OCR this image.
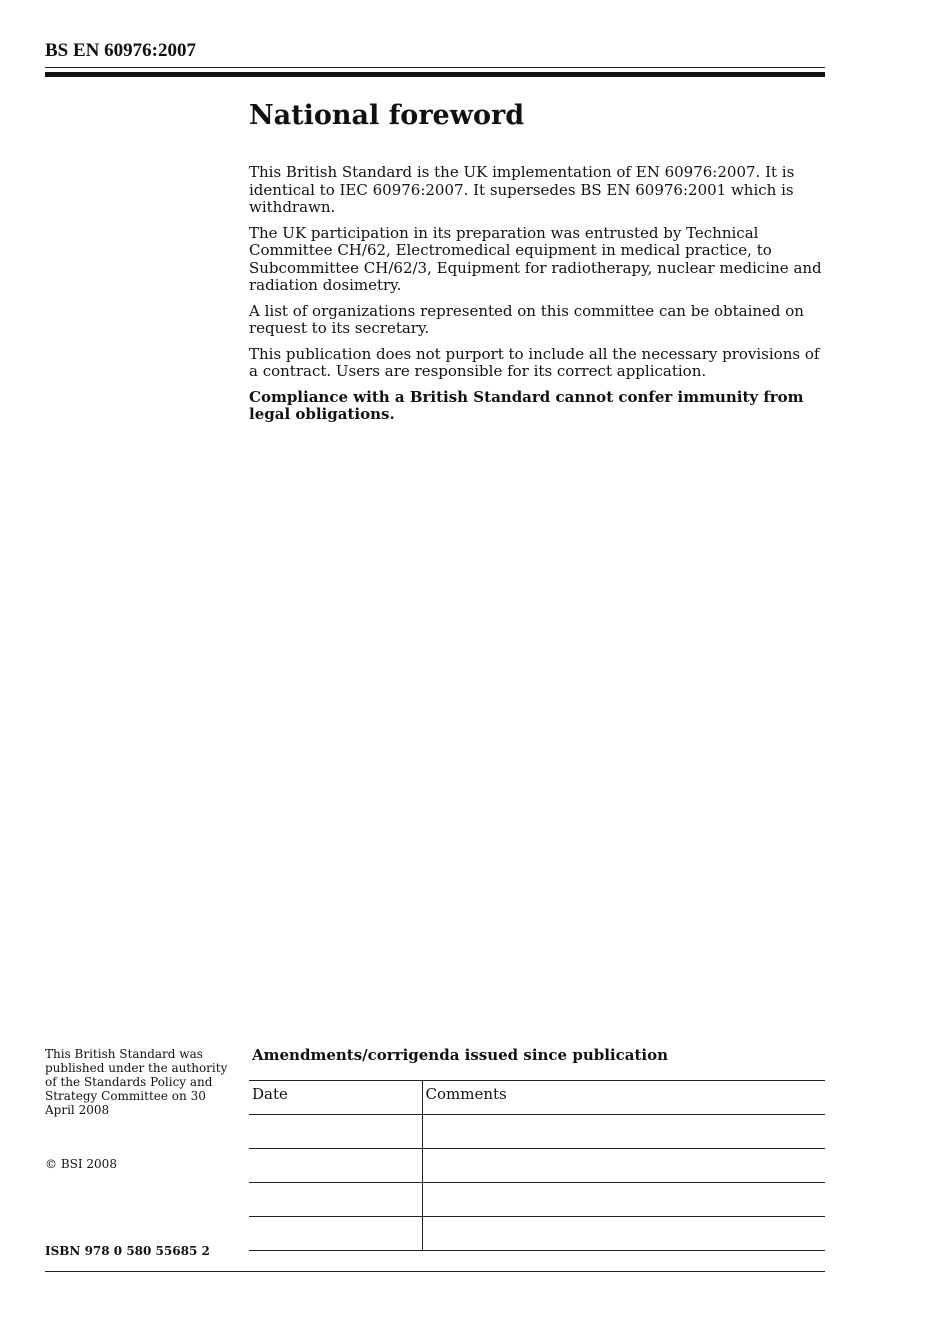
BS EN 60976:2007
National foreword

This British Standard is the UK implementation of EN 60976:2007. It is identical to IEC 60976:2007. It supersedes BS EN 60976:2001 which is withdrawn.

The UK participation in its preparation was entrusted by Technical Committee CH/62, Electromedical equipment in medical practice, to Subcommittee CH/62/3, Equipment for radiotherapy, nuclear medicine and radiation dosimetry.

A list of organizations represented on this committee can be obtained on request to its secretary.

This publication does not purport to include all the necessary provisions of a contract. Users are responsible for its correct application.

Compliance with a British Standard cannot confer immunity from legal obligations.

This British Standard was published under the authority of the Standards Policy and Strategy Committee on 30 April 2008
© BSI 2008
ISBN 978 0 580 55685 2
Amendments/corrigenda issued since publication
Date	Comments
